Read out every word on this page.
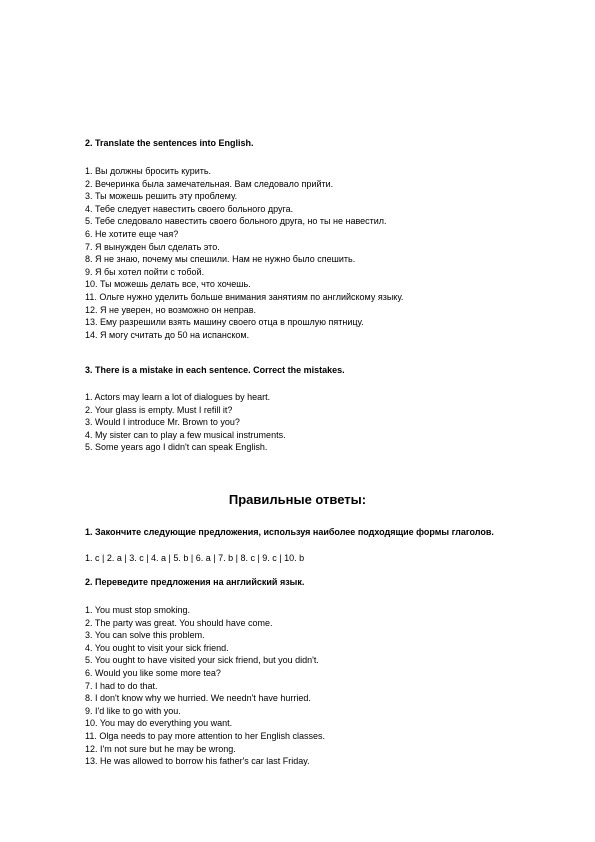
2. Translate the sentences into English.
1. Вы должны бросить курить.
2. Вечеринка была замечательная. Вам следовало прийти.
3. Ты можешь решить эту проблему.
4. Тебе следует навестить своего больного друга.
5. Тебе следовало навестить своего больного друга, но ты не навестил.
6. Не хотите еще чая?
7. Я вынужден был сделать это.
8. Я не знаю, почему мы спешили. Нам не нужно было спешить.
9. Я бы хотел пойти с тобой.
10. Ты можешь делать все, что хочешь.
11. Ольге нужно уделить больше внимания занятиям по английскому языку.
12. Я не уверен, но возможно он неправ.
13. Ему разрешили взять машину своего отца в прошлую пятницу.
14. Я могу считать до 50 на испанском.
3. There is a mistake in each sentence. Correct the mistakes.
1. Actors may learn a lot of dialogues by heart.
2. Your glass is empty. Must I refill it?
3. Would I introduce Mr. Brown to you?
4. My sister can to play a few musical instruments.
5. Some years ago I didn't can speak English.
Правильные ответы:
1. Закончите следующие предложения, используя наиболее подходящие формы глаголов.
1. c | 2. a | 3. c | 4. a | 5. b | 6. a | 7. b | 8. c | 9. c | 10. b
2. Переведите предложения на английский язык.
1. You must stop smoking.
2. The party was great. You should have come.
3. You can solve this problem.
4. You ought to visit your sick friend.
5. You ought to have visited your sick friend, but you didn't.
6. Would you like some more tea?
7. I had to do that.
8. I don't know why we hurried. We needn't have hurried.
9. I'd like to go with you.
10. You may do everything you want.
11. Olga needs to pay more attention to her English classes.
12. I'm not sure but he may be wrong.
13. He was allowed to borrow his father's car last Friday.
